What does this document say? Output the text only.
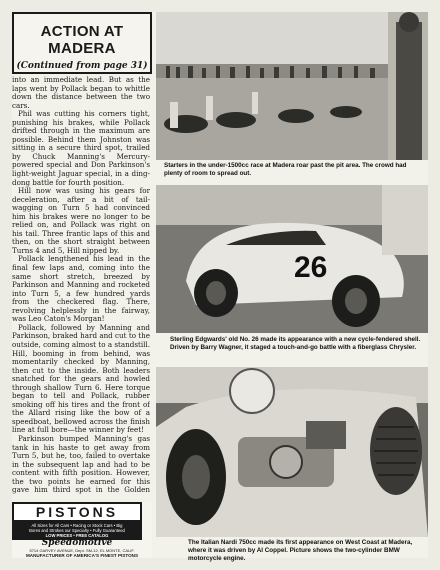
ACTION AT MADERA
(Continued from page 31)

into an immediate lead. But as the laps went by Pollack began to whittle down the distance between the two cars.

Phil was cutting his corners tight, punishing his brakes, while Pollack drifted through in the maximum are possible. Behind them Johnston was sitting in a secure third spot, trailed by Chuck Manning's Mercury-powered special and Don Parkinson's light-weight Jaguar special, in a ding-dong battle for fourth position.

Hill now was using his gears for deceleration, after a bit of tail-wagging on Turn 5 had convinced him his brakes were no longer to be relied on, and Pollack was right on his tail. Three frantic laps of this and then, on the short straight between Turns 4 and 5, Hill nipped by.

Pollack lengthened his lead in the final few laps and, coming into the same short stretch, breezed by Parkinson and Manning and rocketed into Turn 5, a few hundred yards from the checkered flag. There, revolving helplessly in the fairway, was Leo Caton's Morgan!

Pollack, followed by Manning and Parkinson, braked hard and cut to the outside, coming almost to a standstill. Hill, booming in from behind, was momentarily checked by Manning, then cut to the inside. Both leaders snatched for the gears and howled through shallow Turn 6. Here torque began to tell and Pollack, rubber smoking off his tires and the front of the Allard rising like the bow of a speedboat, bellowed across the finish line at full bore—the winner by feet!

Parkinson bumped Manning's gas tank in his haste to get away from Turn 5, but he, too, failed to overtake in the subsequent lap and had to be content with fifth position. However, the two points he earned for this gave him third spot in the Golden

PISTONS
All Sizes for All Cars • Racing or Stock Cars • Big
Bores and Strokes our Specialty • Fully Guaranteed
LOW PRICES • FREE CATALOG
Speedomotive
5714 GARVEY AVENUE, Dept. SM-12, EL MONTE, CALIF.
MANUFACTURER OF AMERICA'S FINEST PISTONS
Starters in the under-1500cc race at Madera roar past the pit area. The crowd had plenty of room to spread out.
26
Sterling Edgwards' old No. 26 made its appearance with a new cycle-fendered shell. Driven by Barry Wagner, it staged a touch-and-go battle with a fiberglass Chrysler.
The Italian Nardi 750cc made its first appearance on West Coast at Madera, where it was driven by Al Coppel. Picture shows the two-cylinder BMW motorcycle engine.
